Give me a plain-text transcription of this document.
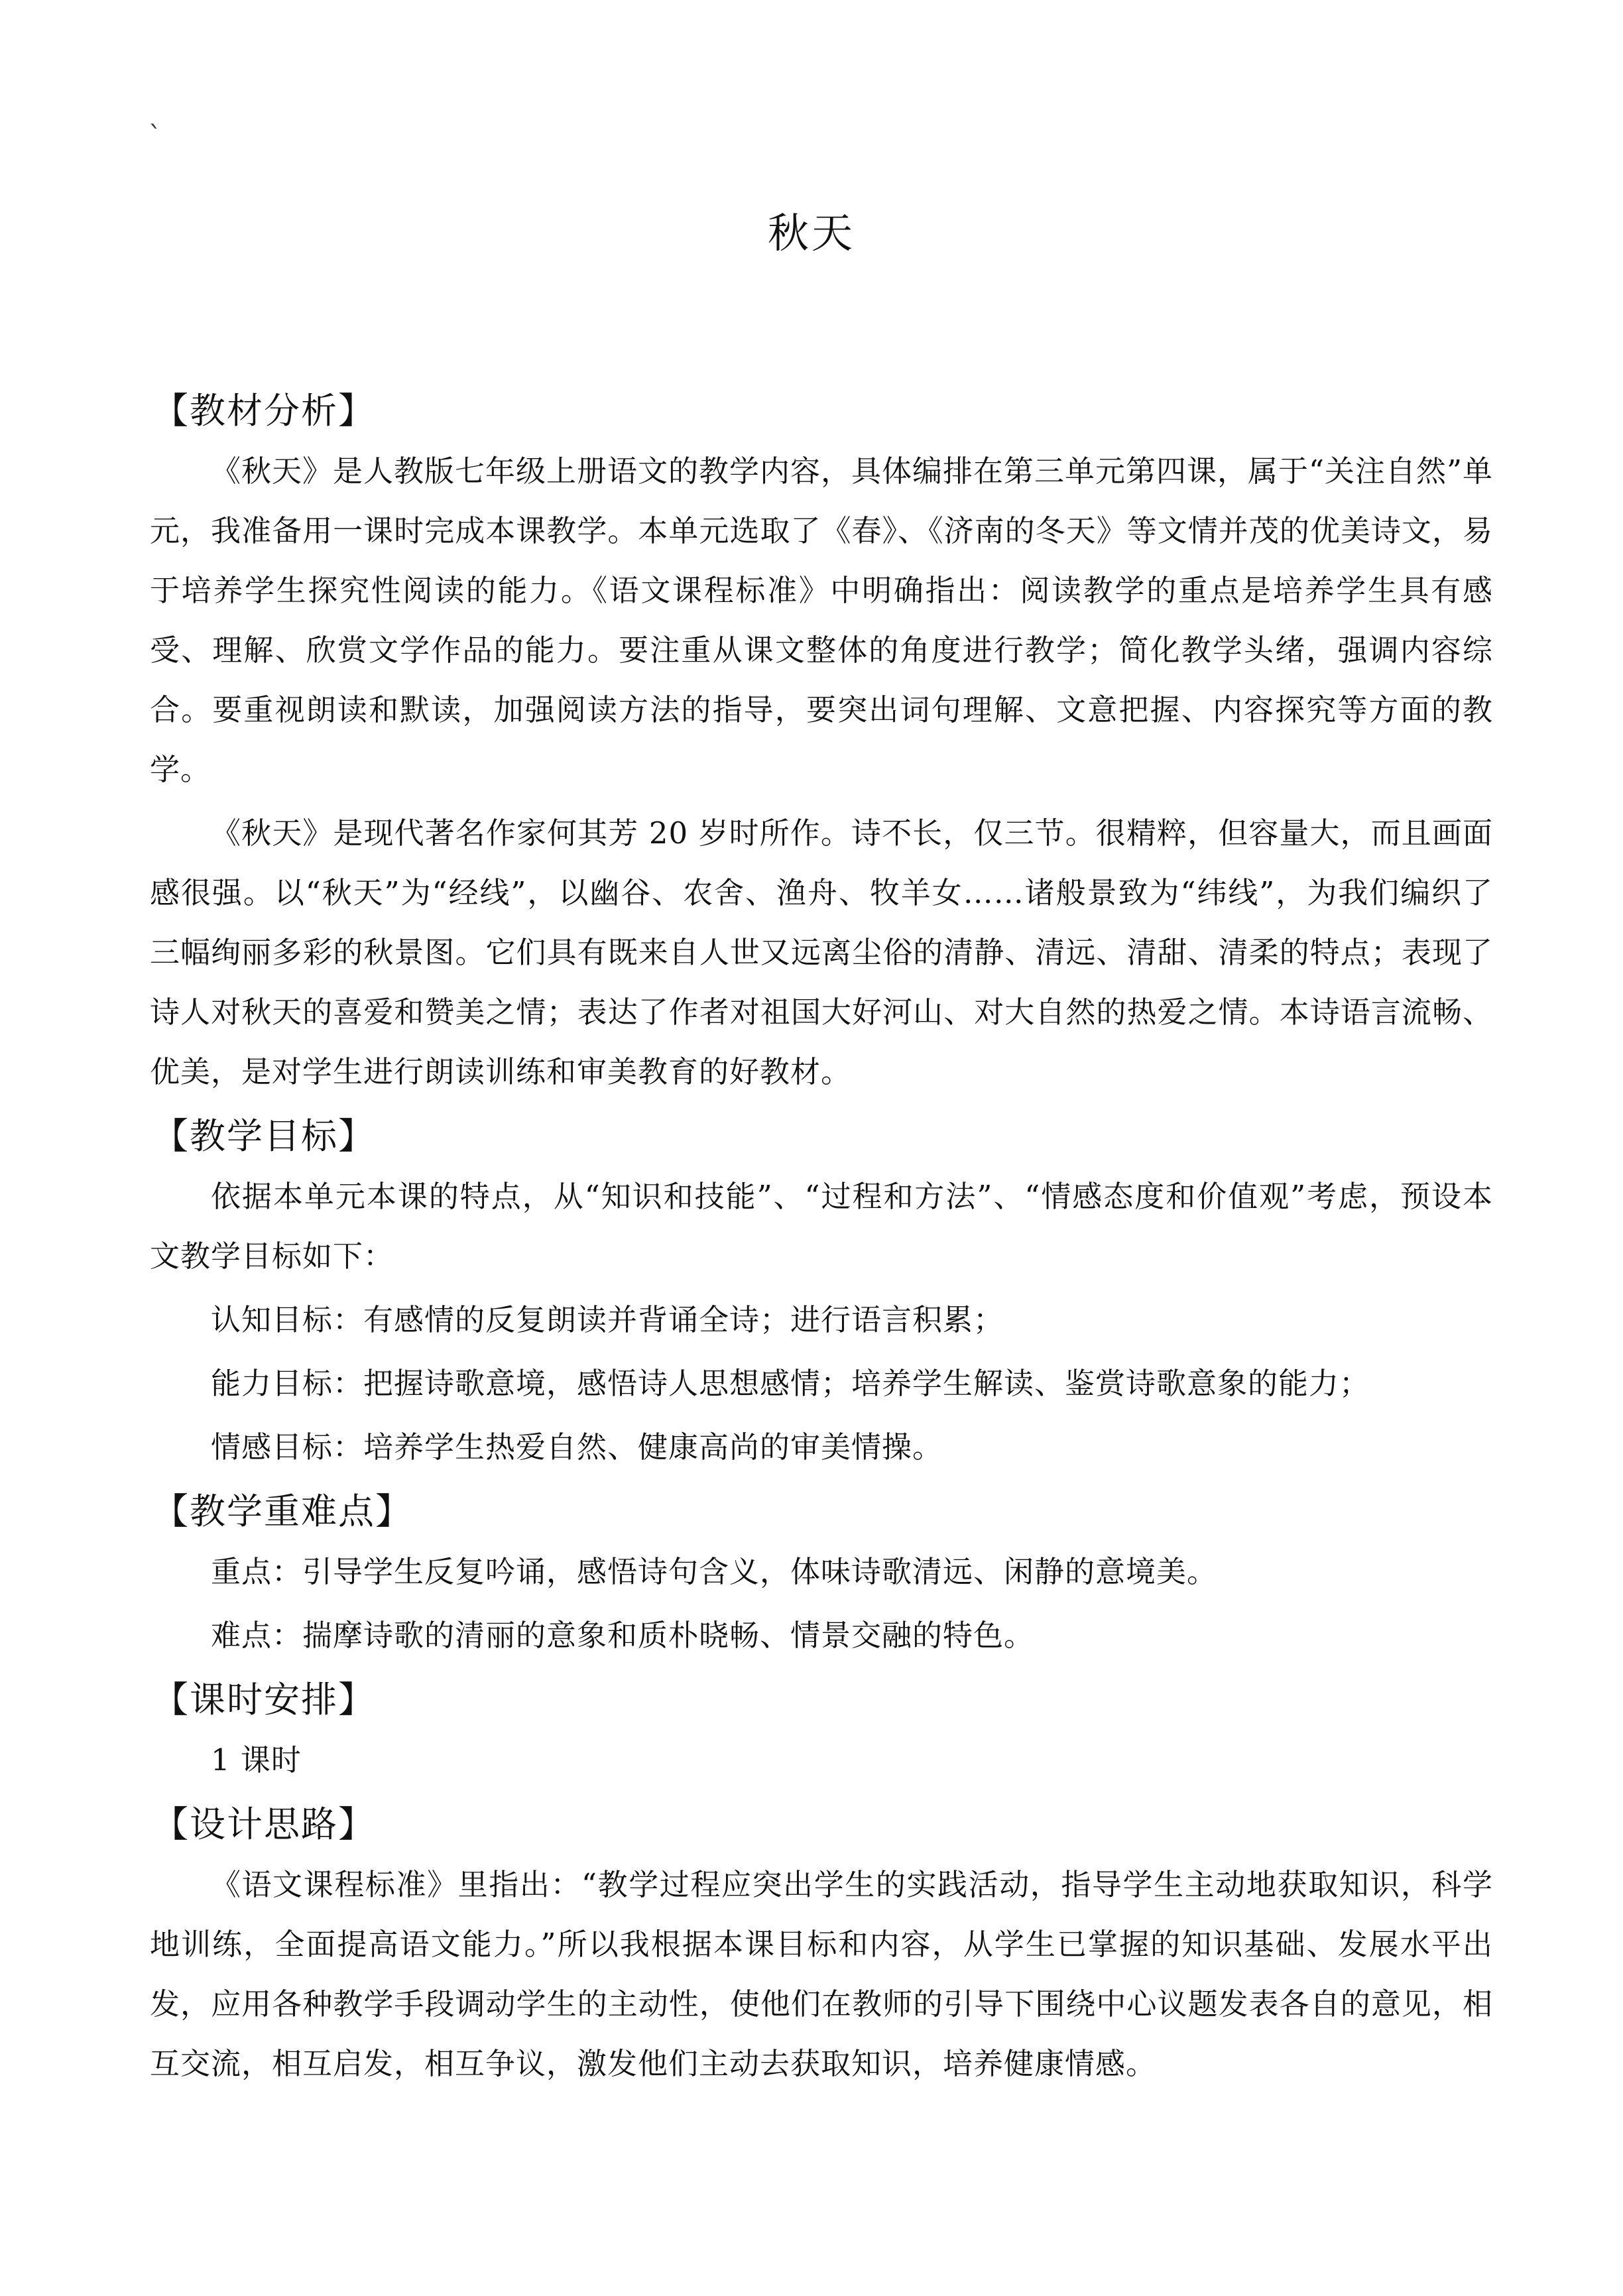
`
秋天
【教材分析】

《秋天》是人教版七年级上册语文的教学内容，具体编排在第三单元第四课，属于“关注自然”单元，我准备用一课时完成本课教学。本单元选取了《春》、《济南的冬天》等文情并茂的优美诗文，易于培养学生探究性阅读的能力。《语文课程标准》中明确指出：阅读教学的重点是培养学生具有感受、理解、欣赏文学作品的能力。要注重从课文整体的角度进行教学；简化教学头绪，强调内容综合。要重视朗读和默读，加强阅读方法的指导，要突出词句理解、文意把握、内容探究等方面的教学。

《秋天》是现代著名作家何其芳 20 岁时所作。诗不长，仅三节。很精粹，但容量大，而且画面感很强。以“秋天”为“经线”，以幽谷、农舍、渔舟、牧羊女……诸般景致为“纬线”，为我们编织了三幅绚丽多彩的秋景图。它们具有既来自人世又远离尘俗的清静、清远、清甜、清柔的特点；表现了诗人对秋天的喜爱和赞美之情；表达了作者对祖国大好河山、对大自然的热爱之情。本诗语言流畅、优美，是对学生进行朗读训练和审美教育的好教材。

【教学目标】

依据本单元本课的特点，从“知识和技能”、“过程和方法”、“情感态度和价值观”考虑，预设本文教学目标如下：

认知目标：有感情的反复朗读并背诵全诗；进行语言积累；
能力目标：把握诗歌意境，感悟诗人思想感情；培养学生解读、鉴赏诗歌意象的能力；
情感目标：培养学生热爱自然、健康高尚的审美情操。
【教学重难点】
重点：引导学生反复吟诵，感悟诗句含义，体味诗歌清远、闲静的意境美。
难点：揣摩诗歌的清丽的意象和质朴晓畅、情景交融的特色。
【课时安排】
1 课时
【设计思路】

《语文课程标准》里指出：“教学过程应突出学生的实践活动，指导学生主动地获取知识，科学地训练，全面提高语文能力。”所以我根据本课目标和内容，从学生已掌握的知识基础、发展水平出发，应用各种教学手段调动学生的主动性，使他们在教师的引导下围绕中心议题发表各自的意见，相互交流，相互启发，相互争议，激发他们主动去获取知识，培养健康情感。
